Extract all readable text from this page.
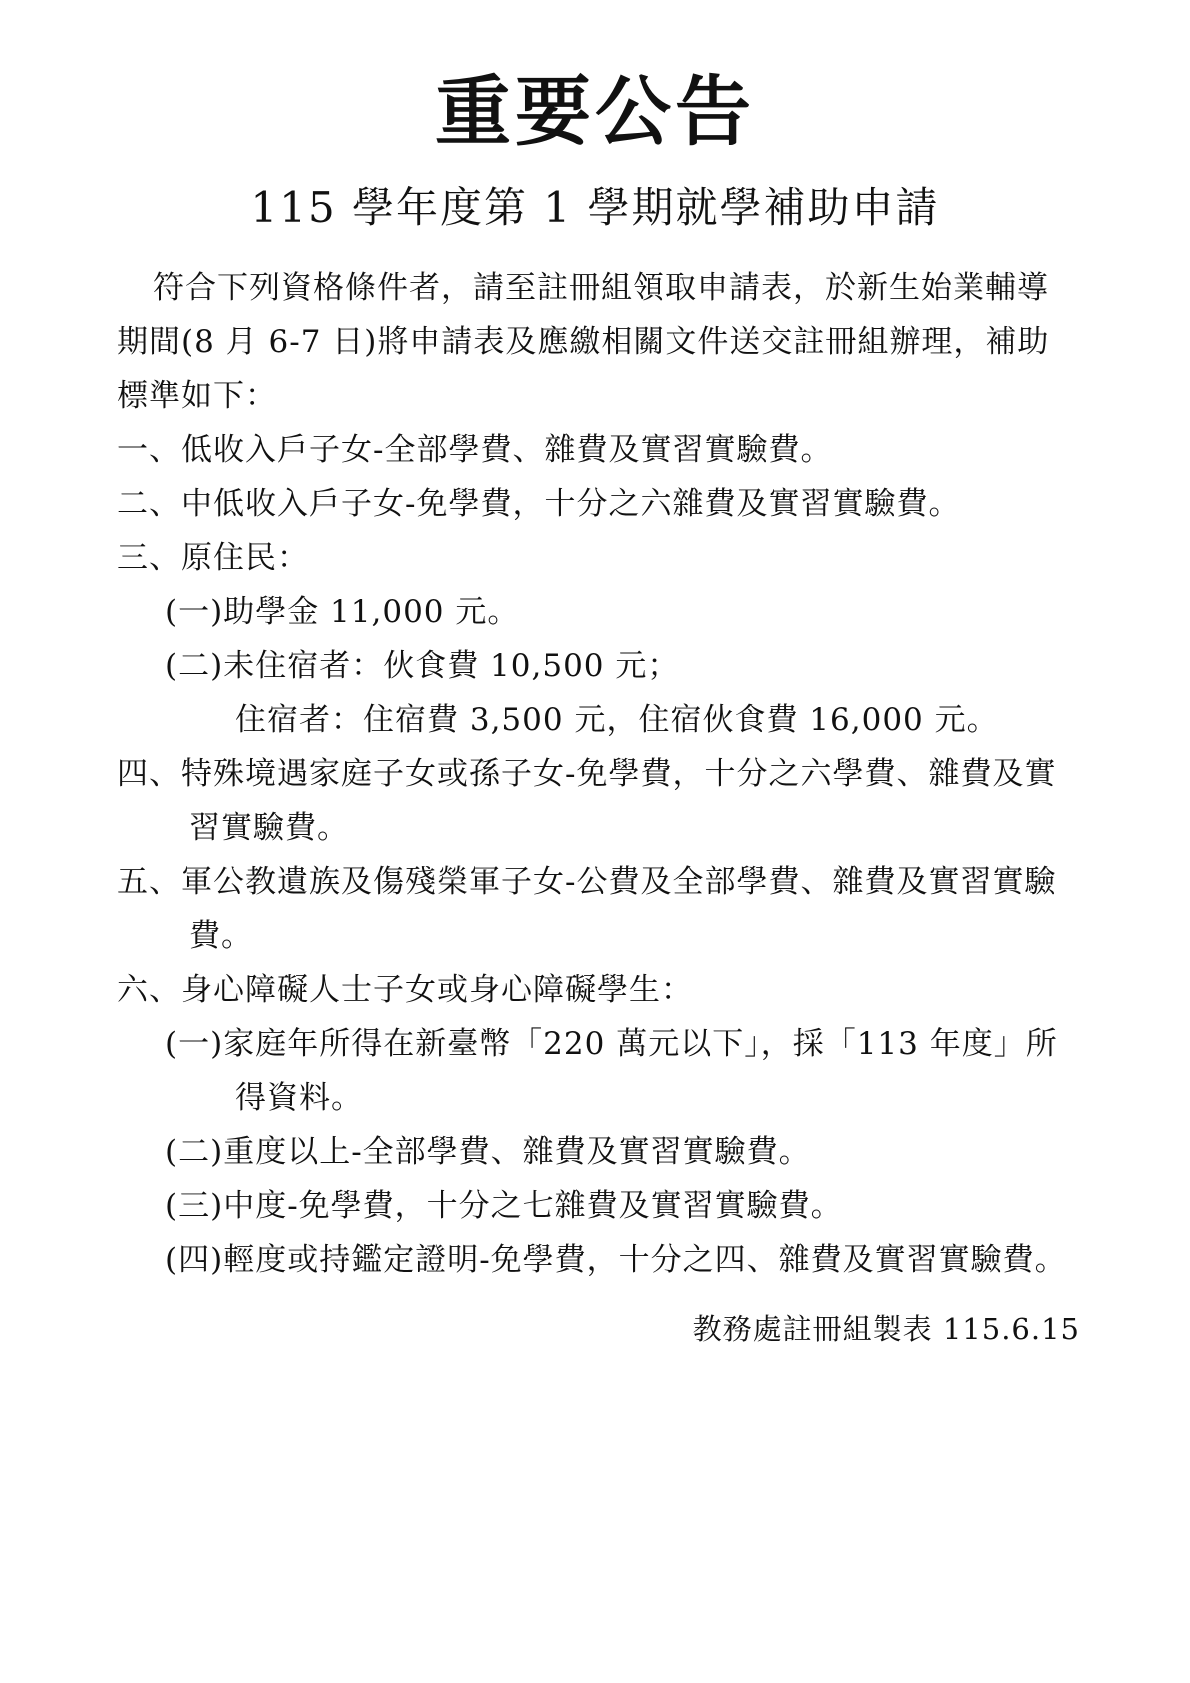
重要公告
115 學年度第 1 學期就學補助申請

符合下列資格條件者，請至註冊組領取申請表，於新生始業輔導期間(8 月 6-7 日)將申請表及應繳相關文件送交註冊組辦理，補助標準如下：

一、低收入戶子女-全部學費、雜費及實習實驗費。

二、中低收入戶子女-免學費，十分之六雜費及實習實驗費。

三、原住民：

(一)助學金 11,000 元。

(二)未住宿者：伙食費 10,500 元；

住宿者：住宿費 3,500 元，住宿伙食費 16,000 元。

四、特殊境遇家庭子女或孫子女-免學費，十分之六學費、雜費及實習實驗費。

五、軍公教遺族及傷殘榮軍子女-公費及全部學費、雜費及實習實驗費。

六、身心障礙人士子女或身心障礙學生：

(一)家庭年所得在新臺幣「220 萬元以下」，採「113 年度」所得資料。

(二)重度以上-全部學費、雜費及實習實驗費。

(三)中度-免學費，十分之七雜費及實習實驗費。

(四)輕度或持鑑定證明-免學費，十分之四、雜費及實習實驗費。

教務處註冊組製表 115.6.15
